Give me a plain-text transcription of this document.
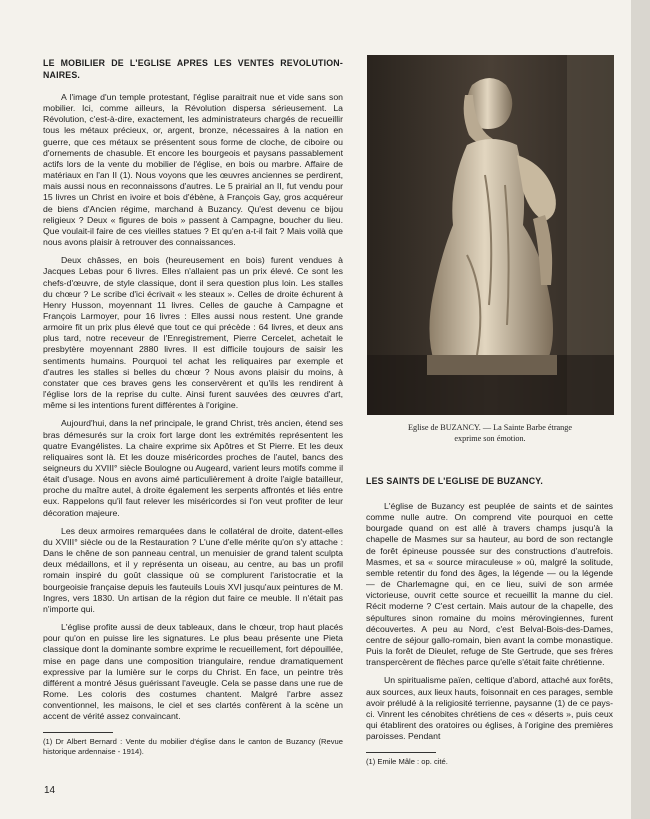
LE MOBILIER DE L'EGLISE APRES LES VENTES REVOLUTION-NAIRES.

A l'image d'un temple protestant, l'église paraitrait nue et vide sans son mobilier. Ici, comme ailleurs, la Révolution dispersa sérieusement. La Révolution, c'est-à-dire, exactement, les administrateurs chargés de recueillir tous les métaux précieux, or, argent, bronze, nécessaires à la nation en guerre, que ces métaux se présentent sous forme de cloche, de ciboire ou d'ornements de chasuble. Et encore les bourgeois et paysans passablement actifs lors de la vente du mobilier de l'église, en bois ou marbre. Affaire de matériaux en l'an II (1). Nous voyons que les œuvres anciennes se perdirent, mais aussi nous en reconnaissons d'autres. Le 5 prairial an II, fut vendu pour 15 livres un Christ en ivoire et bois d'ébène, à François Gay, gros acquéreur de biens d'Ancien régime, marchand à Buzancy. Qu'est devenu ce bijou religieux ? Deux « figures de bois » passent à Campagne, boucher du lieu. Que voulait-il faire de ces vieilles statues ? Et qu'en a-t-il fait ? Mais voilà que nous avons plaisir à retrouver des connaissances.

Deux châsses, en bois (heureusement en bois) furent vendues à Jacques Lebas pour 6 livres. Elles n'allaient pas un prix élevé. Ce sont les chefs-d'œuvre, de style classique, dont il sera question plus loin. Les stalles du chœur ? Le scribe d'ici écrivait « les steaux ». Celles de droite échurent à Henry Husson, moyennant 11 livres. Celles de gauche à Campagne et François Larmoyer, pour 16 livres : Elles aussi nous restent. Une grande armoire fit un prix plus élevé que tout ce qui précède : 64 livres, et deux ans plus tard, notre receveur de l'Enregistrement, Pierre Cercelet, achetait le presbytère moyennant 2880 livres. Il est difficile toujours de saisir les sentiments humains. Pourquoi tel achat les reliquaires par exemple et d'autres les stalles si belles du chœur ? Nous avons plaisir du moins, à constater que ces braves gens les conservèrent et qu'ils les rendirent à l'église lors de la reprise du culte. Ainsi furent sauvées des œuvres d'art, même si les intentions furent différentes à l'origine.

Aujourd'hui, dans la nef principale, le grand Christ, très ancien, étend ses bras démesurés sur la croix fort large dont les extrémités représentent les quatre Evangélistes. La chaire exprime six Apôtres et St Pierre. Et les deux reliquaires sont là. Et les douze miséricordes proches de l'autel, bancs des seigneurs du XVIII° siècle Boulogne ou Augeard, varient leurs motifs comme il était d'usage. Nous en avons aimé particulièrement à droite l'aigle batailleur, proche du maître autel, à droite également les serpents affrontés et liés entre eux. Rappelons qu'il faut relever les miséricordes si l'on veut profiter de leur décoration majeure.

Les deux armoires remarquées dans le collatéral de droite, datent-elles du XVIII° siècle ou de la Restauration ? L'une d'elle mérite qu'on s'y attache : Dans le chêne de son panneau central, un menuisier de grand talent sculpta deux médaillons, et il y représenta un oiseau, au centre, au bas un profil romain inspiré du goût classique où se complurent l'aristocratie et la bourgeoisie française depuis les fauteuils Louis XVI jusqu'aux peintures de M. Ingres, vers 1830. Un artisan de la région dut faire ce meuble. Il n'était pas n'importe qui.

L'église profite aussi de deux tableaux, dans le chœur, trop haut placés pour qu'on en puisse lire les signatures. Le plus beau présente une Pieta classique dont la dominante sombre exprime le recueillement, fort dépouillée, mise en page dans une composition triangulaire, rendue dramatiquement expressive par la lumière sur le corps du Christ. En face, un peintre très différent a montré Jésus guérissant l'aveugle. Cela se passe dans une rue de Rome. Les coloris des costumes chantent. Malgré l'arbre assez conventionnel, les maisons, le ciel et ses clartés confèrent à la scène un accent de vérité assez convaincant.

(1) Dr Albert Bernard : Vente du mobilier d'église dans le canton de Buzancy (Revue historique ardennaise - 1914).

Eglise de BUZANCY. — La Sainte Barbe étrange
exprime son émotion.
LES SAINTS DE L'EGLISE DE BUZANCY.

L'église de Buzancy est peuplée de saints et de saintes comme nulle autre. On comprend vite pourquoi en cette bourgade quand on est allé à travers champs jusqu'à la chapelle de Masmes sur sa hauteur, au bord de son rectangle de forêt épineuse poussée sur des constructions d'autrefois. Masmes, et sa « source miraculeuse » où, malgré la solitude, semble retentir du fond des âges, la légende — ou la légende — de Charlemagne qui, en ce lieu, suivi de son armée victorieuse, ouvrit cette source et recueillit la manne du ciel. Récit moderne ? C'est certain. Mais autour de la chapelle, des sépultures sinon romaine du moins mérovingiennes, furent découvertes. A peu au Nord, c'est Belval-Bois-des-Dames, centre de séjour gallo-romain, bien avant la combe monastique. Puis la forêt de Dieulet, refuge de Ste Gertrude, que ses frères transpercèrent de flèches parce qu'elle s'était faite chrétienne.

Un spiritualisme païen, celtique d'abord, attaché aux forêts, aux sources, aux lieux hauts, foisonnait en ces parages, semble avoir préludé à la religiosité terrienne, paysanne (1) de ce pays-ci. Vinrent les cénobites chrétiens de ces « déserts », puis ceux qui établirent des oratoires ou églises, à l'origine des premières paroisses. Pendant

(1) Emile Mâle : op. cité.

14
